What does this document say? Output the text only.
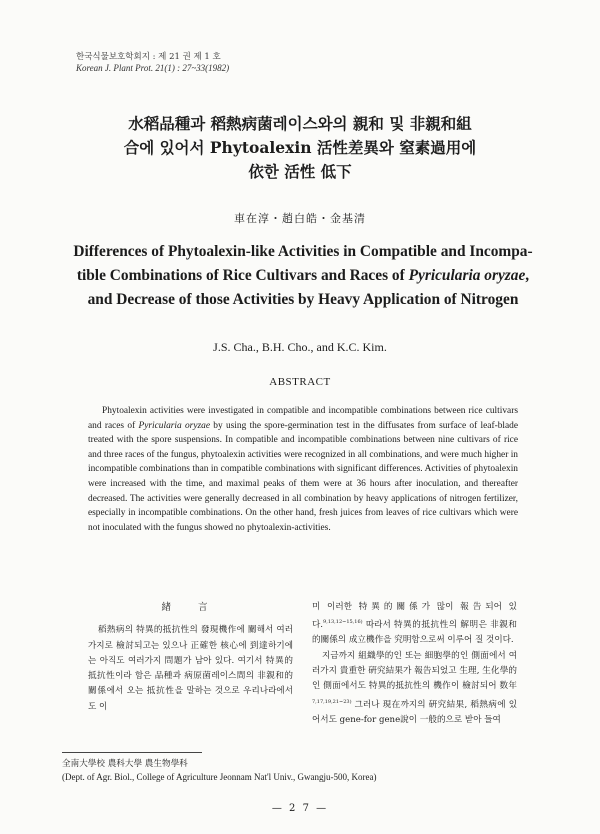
한국식물보호학회지 : 제 21 권 제 1 호
Korean J. Plant Prot. 21(1) : 27~33(1982)
水稻品種과 稻熱病菌레이스와의 親和 및 非親和組
合에 있어서 Phytoalexin 活性差異와 窒素過用에
依한 活性 低下
車在淳・趙白皓・金基清
Differences of Phytoalexin-like Activities in Compatible and Incompa-
tible Combinations of Rice Cultivars and Races of Pyricularia oryzae,
and Decrease of those Activities by Heavy Application of Nitrogen
J.S. Cha., B.H. Cho., and K.C. Kim.
ABSTRACT

Phytoalexin activities were investigated in compatible and incompatible combinations between rice cultivars and races of Pyricularia oryzae by using the spore-germination test in the diffusates from surface of leaf-blade treated with the spore suspensions. In compatible and incompatible combinations between nine cultivars of rice and three races of the fungus, phytoalexin activities were recognized in all combinations, and were much higher in incompatible combinations than in compatible combinations with significant differences. Activities of phytoalexin were increased with the time, and maximal peaks of them were at 36 hours after inoculation, and thereafter decreased. The activities were generally decreased in all combination by heavy applications of nitrogen fertilizer, especially in incompatible combinations. On the other hand, fresh juices from leaves of rice cultivars which were not inoculated with the fungus showed no phytoalexin-activities.

緖 言

稻熱病의 特異的抵抗性의 發現機作에 關해서 여러가지로 檢討되고는 있으나 正確한 核心에 到達하기에는 아직도 여러가지 問題가 남아 있다. 여기서 特異的抵抗性이라 함은 品種과 病原菌레이스間의 非親和的關係에서 오는 抵抗性을 말하는 것으로 우리나라에서도 이

미 이러한 特異的關係가 많이 報告되어 있다.$^{9,13,12\sim 15,16)}$ 따라서 特異的抵抗性의 解明은 非親和的關係의 成立機作을 究明함으로써 이루어 질 것이다.

지금까지 組織學的인 또는 細胞學的인 側面에서 여러가지 貴重한 硏究結果가 報告되었고 生理, 生化學的인 側面에서도 特異的抵抗性의 機作이 檢討되어 数年$^{7,17,19,21\sim 23)}$ 그러나 現在까지의 硏究結果, 稻熱病에 있어서도 gene-for gene說이 一般的으로 받아 들여

全南大學校 農科大學 農生物學科
(Dept. of Agr. Biol., College of Agriculture Jeonnam Nat'l Univ., Gwangju-500, Korea)
— 2 7 —
